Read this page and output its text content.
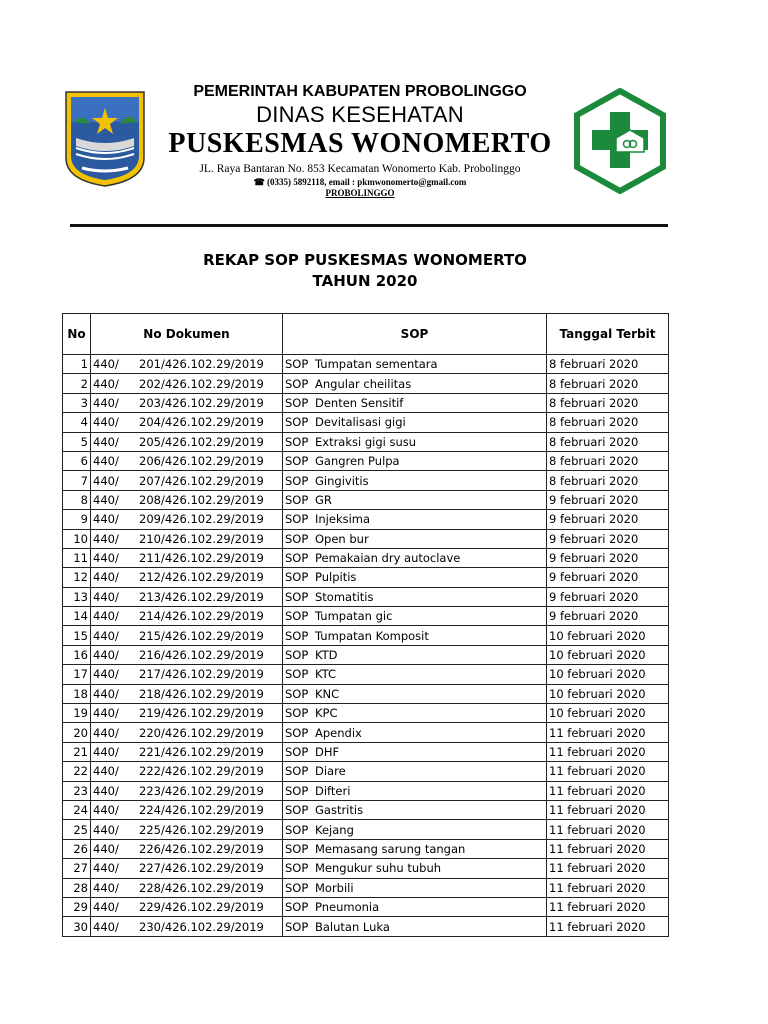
PEMERINTAH KABUPATEN PROBOLINGGO
DINAS KESEHATAN
PUSKESMAS WONOMERTO
JL. Raya Bantaran No. 853 Kecamatan Wonomerto Kab. Probolinggo
☎ (0335) 5892118, email : pkmwonomerto@gmail.com
PROBOLINGGO
REKAP SOP PUSKESMAS WONOMERTO
TAHUN 2020
No	No Dokumen	SOP	Tanggal Terbit
1	440/ 201/426.102.29/2019	SOP Tumpatan sementara	8 februari 2020
2	440/ 202/426.102.29/2019	SOP Angular cheilitas	8 februari 2020
3	440/ 203/426.102.29/2019	SOP Denten Sensitif	8 februari 2020
4	440/ 204/426.102.29/2019	SOP Devitalisasi gigi	8 februari 2020
5	440/ 205/426.102.29/2019	SOP Extraksi gigi susu	8 februari 2020
6	440/ 206/426.102.29/2019	SOP Gangren Pulpa	8 februari 2020
7	440/ 207/426.102.29/2019	SOP Gingivitis	8 februari 2020
8	440/ 208/426.102.29/2019	SOP GR	9 februari 2020
9	440/ 209/426.102.29/2019	SOP Injeksima	9 februari 2020
10	440/ 210/426.102.29/2019	SOP Open bur	9 februari 2020
11	440/ 211/426.102.29/2019	SOP Pemakaian dry autoclave	9 februari 2020
12	440/ 212/426.102.29/2019	SOP Pulpitis	9 februari 2020
13	440/ 213/426.102.29/2019	SOP Stomatitis	9 februari 2020
14	440/ 214/426.102.29/2019	SOP Tumpatan gic	9 februari 2020
15	440/ 215/426.102.29/2019	SOP Tumpatan Komposit	10 februari 2020
16	440/ 216/426.102.29/2019	SOP KTD	10 februari 2020
17	440/ 217/426.102.29/2019	SOP KTC	10 februari 2020
18	440/ 218/426.102.29/2019	SOP KNC	10 februari 2020
19	440/ 219/426.102.29/2019	SOP KPC	10 februari 2020
20	440/ 220/426.102.29/2019	SOP Apendix	11 februari 2020
21	440/ 221/426.102.29/2019	SOP DHF	11 februari 2020
22	440/ 222/426.102.29/2019	SOP Diare	11 februari 2020
23	440/ 223/426.102.29/2019	SOP Difteri	11 februari 2020
24	440/ 224/426.102.29/2019	SOP Gastritis	11 februari 2020
25	440/ 225/426.102.29/2019	SOP Kejang	11 februari 2020
26	440/ 226/426.102.29/2019	SOP Memasang sarung tangan	11 februari 2020
27	440/ 227/426.102.29/2019	SOP Mengukur suhu tubuh	11 februari 2020
28	440/ 228/426.102.29/2019	SOP Morbili	11 februari 2020
29	440/ 229/426.102.29/2019	SOP Pneumonia	11 februari 2020
30	440/ 230/426.102.29/2019	SOP Balutan Luka	11 februari 2020
